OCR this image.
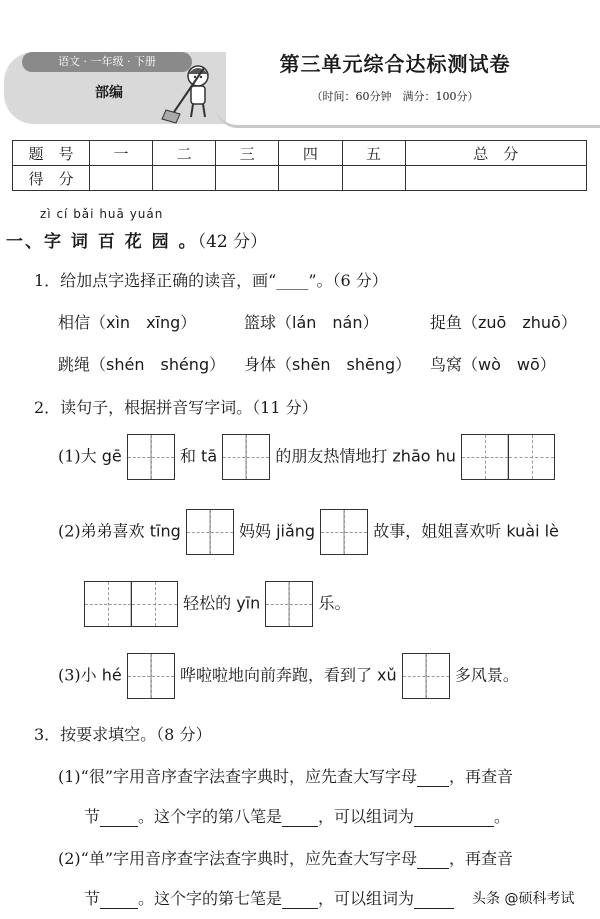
语文 · 一年级 · 下册
部编
第三单元综合达标测试卷
（时间：60分钟　满分：100分）
题　号	一	二	三	四	五	总　分
得　分						
zì cí bǎi huā yuán
一、字 词 百 花 园 。（42 分）
1．给加点字选择正确的读音，画“____”。（6 分）
相信（xìn　xīng）	篮球（lán　nán）	捉鱼（zuō　zhuō）
跳绳（shén　shéng） 身体（shēn　shēng） 鸟窝（wò　wō）
2．读句子，根据拼音写字词。（11 分）
(1)大 gē	和 tā	的朋友热情地打 zhāo hu
(2)弟弟喜欢 tīng	妈妈 jiǎng	故事，姐姐喜欢听 kuài lè
轻松的 yīn	乐。
(3)小 hé	哗啦啦地向前奔跑，看到了 xǔ	多风景。
3．按要求填空。（8 分）
(1)“很”字用音序查字法查字典时，应先查大写字母 ，再查音
节 。这个字的第八笔是 ，可以组词为	。
(2)“单”字用音序查字法查字典时，应先查大写字母 ，再查音
节 。这个字的第七笔是 ，可以组词为	头条 @硕科考试
